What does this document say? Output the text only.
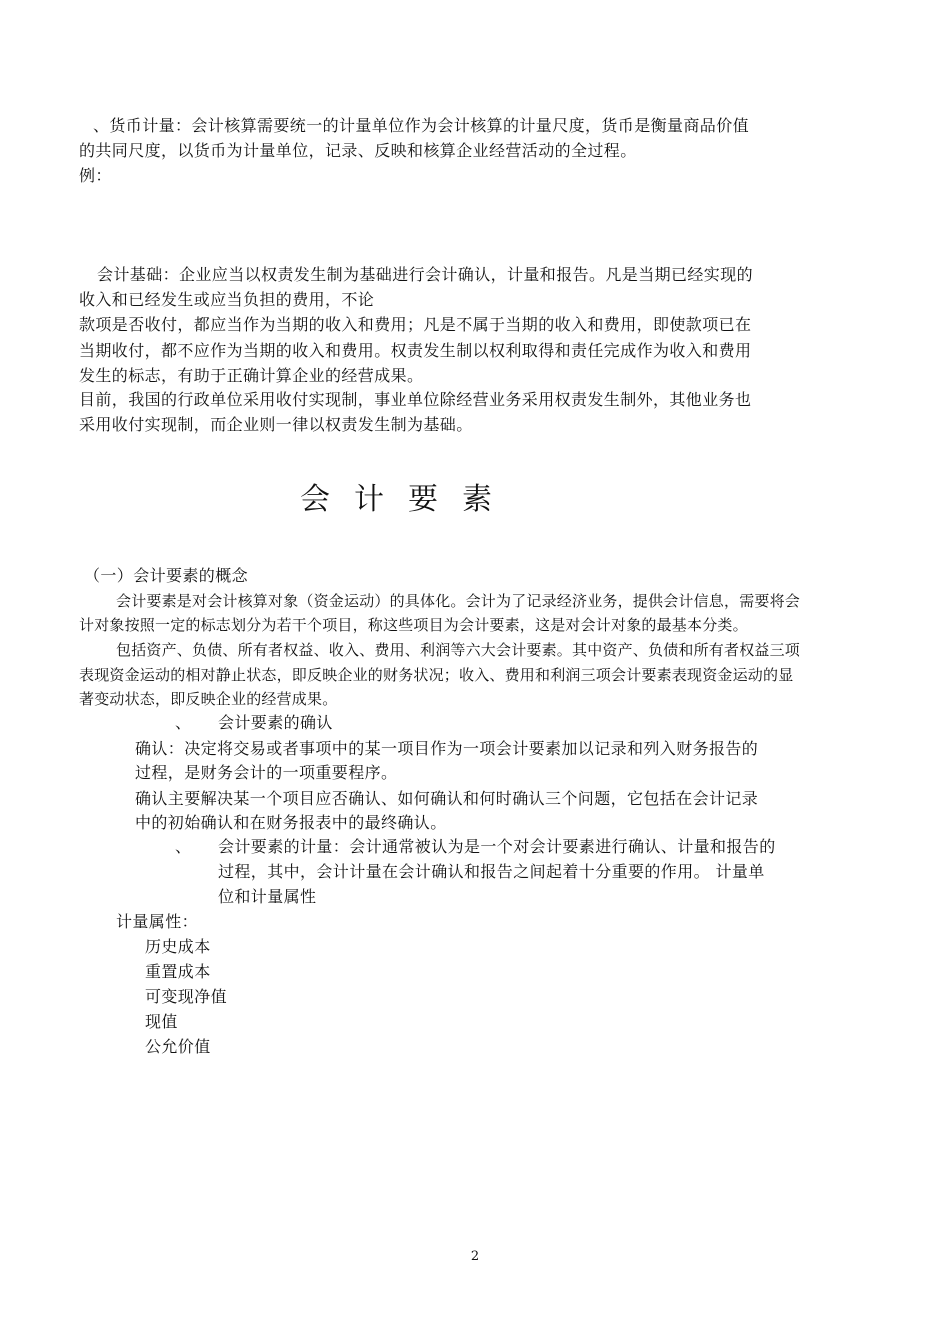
、货币计量：会计核算需要统一的计量单位作为会计核算的计量尺度，货币是衡量商品价值
的共同尺度，以货币为计量单位，记录、反映和核算企业经营活动的全过程。
例：
会计基础：企业应当以权责发生制为基础进行会计确认，计量和报告。凡是当期已经实现的
收入和已经发生或应当负担的费用，不论
款项是否收付，都应当作为当期的收入和费用；凡是不属于当期的收入和费用，即使款项已在
当期收付，都不应作为当期的收入和费用。权责发生制以权利取得和责任完成作为收入和费用
发生的标志，有助于正确计算企业的经营成果。
目前，我国的行政单位采用收付实现制，事业单位除经营业务采用权责发生制外，其他业务也
采用收付实现制，而企业则一律以权责发生制为基础。
会计要素
（一）会计要素的概念
会计要素是对会计核算对象（资金运动）的具体化。会计为了记录经济业务，提供会计信息，需要将会
计对象按照一定的标志划分为若干个项目，称这些项目为会计要素，这是对会计对象的最基本分类。
包括资产、负债、所有者权益、收入、费用、利润等六大会计要素。其中资产、负债和所有者权益三项
表现资金运动的相对静止状态，即反映企业的财务状况；收入、费用和利润三项会计要素表现资金运动的显
著变动状态，即反映企业的经营成果。
、	会计要素的确认
确认：决定将交易或者事项中的某一项目作为一项会计要素加以记录和列入财务报告的
过程，是财务会计的一项重要程序。
确认主要解决某一个项目应否确认、如何确认和何时确认三个问题，它包括在会计记录
中的初始确认和在财务报表中的最终确认。
、	会计要素的计量：会计通常被认为是一个对会计要素进行确认、计量和报告的
过程，其中，会计计量在会计确认和报告之间起着十分重要的作用。 计量单
位和计量属性
计量属性：
历史成本
重置成本
可变现净值
现值
公允价值
2
